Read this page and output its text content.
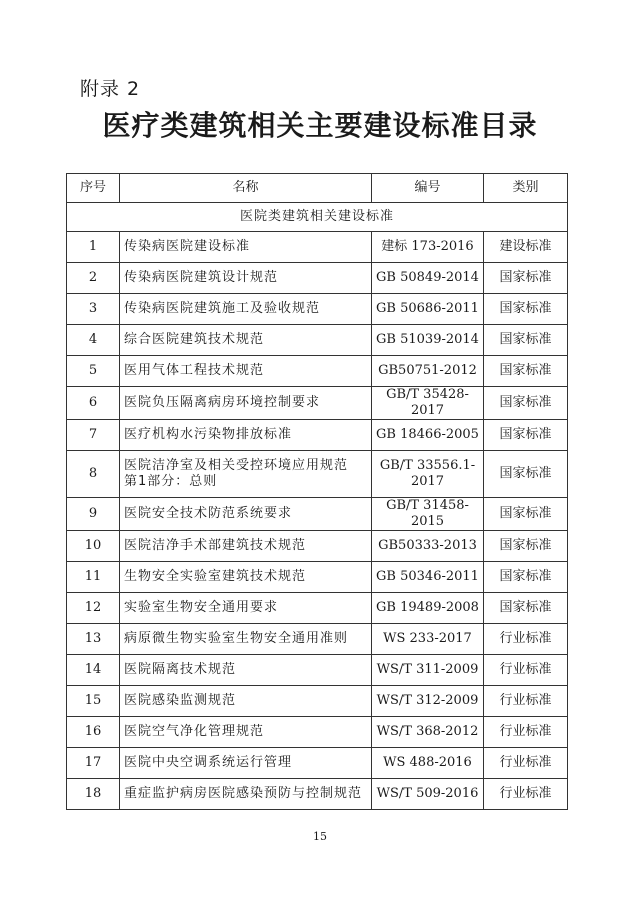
附录 2
医疗类建筑相关主要建设标准目录
序号	名称	编号	类别
医院类建筑相关建设标准			
1	传染病医院建设标准	建标 173-2016	建设标准
2	传染病医院建筑设计规范	GB 50849-2014	国家标准
3	传染病医院建筑施工及验收规范	GB 50686-2011	国家标准
4	综合医院建筑技术规范	GB 51039-2014	国家标准
5	医用气体工程技术规范	GB50751-2012	国家标准
6	医院负压隔离病房环境控制要求	GB/T 35428-2017	国家标准
7	医疗机构水污染物排放标准	GB 18466-2005	国家标准
8	医院洁净室及相关受控环境应用规范 第1部分：总则	GB/T 33556.1-2017	国家标准
9	医院安全技术防范系统要求	GB/T 31458-2015	国家标准
10	医院洁净手术部建筑技术规范	GB50333-2013	国家标准
11	生物安全实验室建筑技术规范	GB 50346-2011	国家标准
12	实验室生物安全通用要求	GB 19489-2008	国家标准
13	病原微生物实验室生物安全通用准则	WS 233-2017	行业标准
14	医院隔离技术规范	WS/T 311-2009	行业标准
15	医院感染监测规范	WS/T 312-2009	行业标准
16	医院空气净化管理规范	WS/T 368-2012	行业标准
17	医院中央空调系统运行管理	WS 488-2016	行业标准
18	重症监护病房医院感染预防与控制规范	WS/T 509-2016	行业标准
15
